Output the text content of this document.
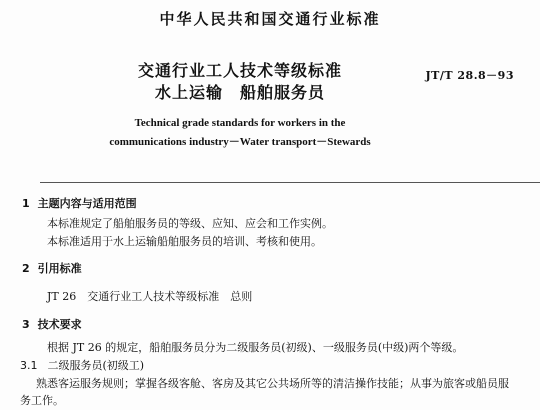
中华人民共和国交通行业标准
交通行业工人技术等级标准
水上运输　船舶服务员
JT/T 28.8－93
Technical grade standards for workers in the
communications industry－Water transport－Stewards
1 主题内容与适用范围
本标准规定了船舶服务员的等级、应知、应会和工作实例。
本标准适用于水上运输船舶服务员的培训、考核和使用。
2 引用标准
JT 26　交通行业工人技术等级标准　总则
3 技术要求
根据 JT 26 的规定，船舶服务员分为二级服务员(初级)、一级服务员(中级)两个等级。
3.1 二级服务员(初级工)
熟悉客运服务规则；掌握各级客舱、客房及其它公共场所等的清洁操作技能；从事为旅客或船员服
务工作。
